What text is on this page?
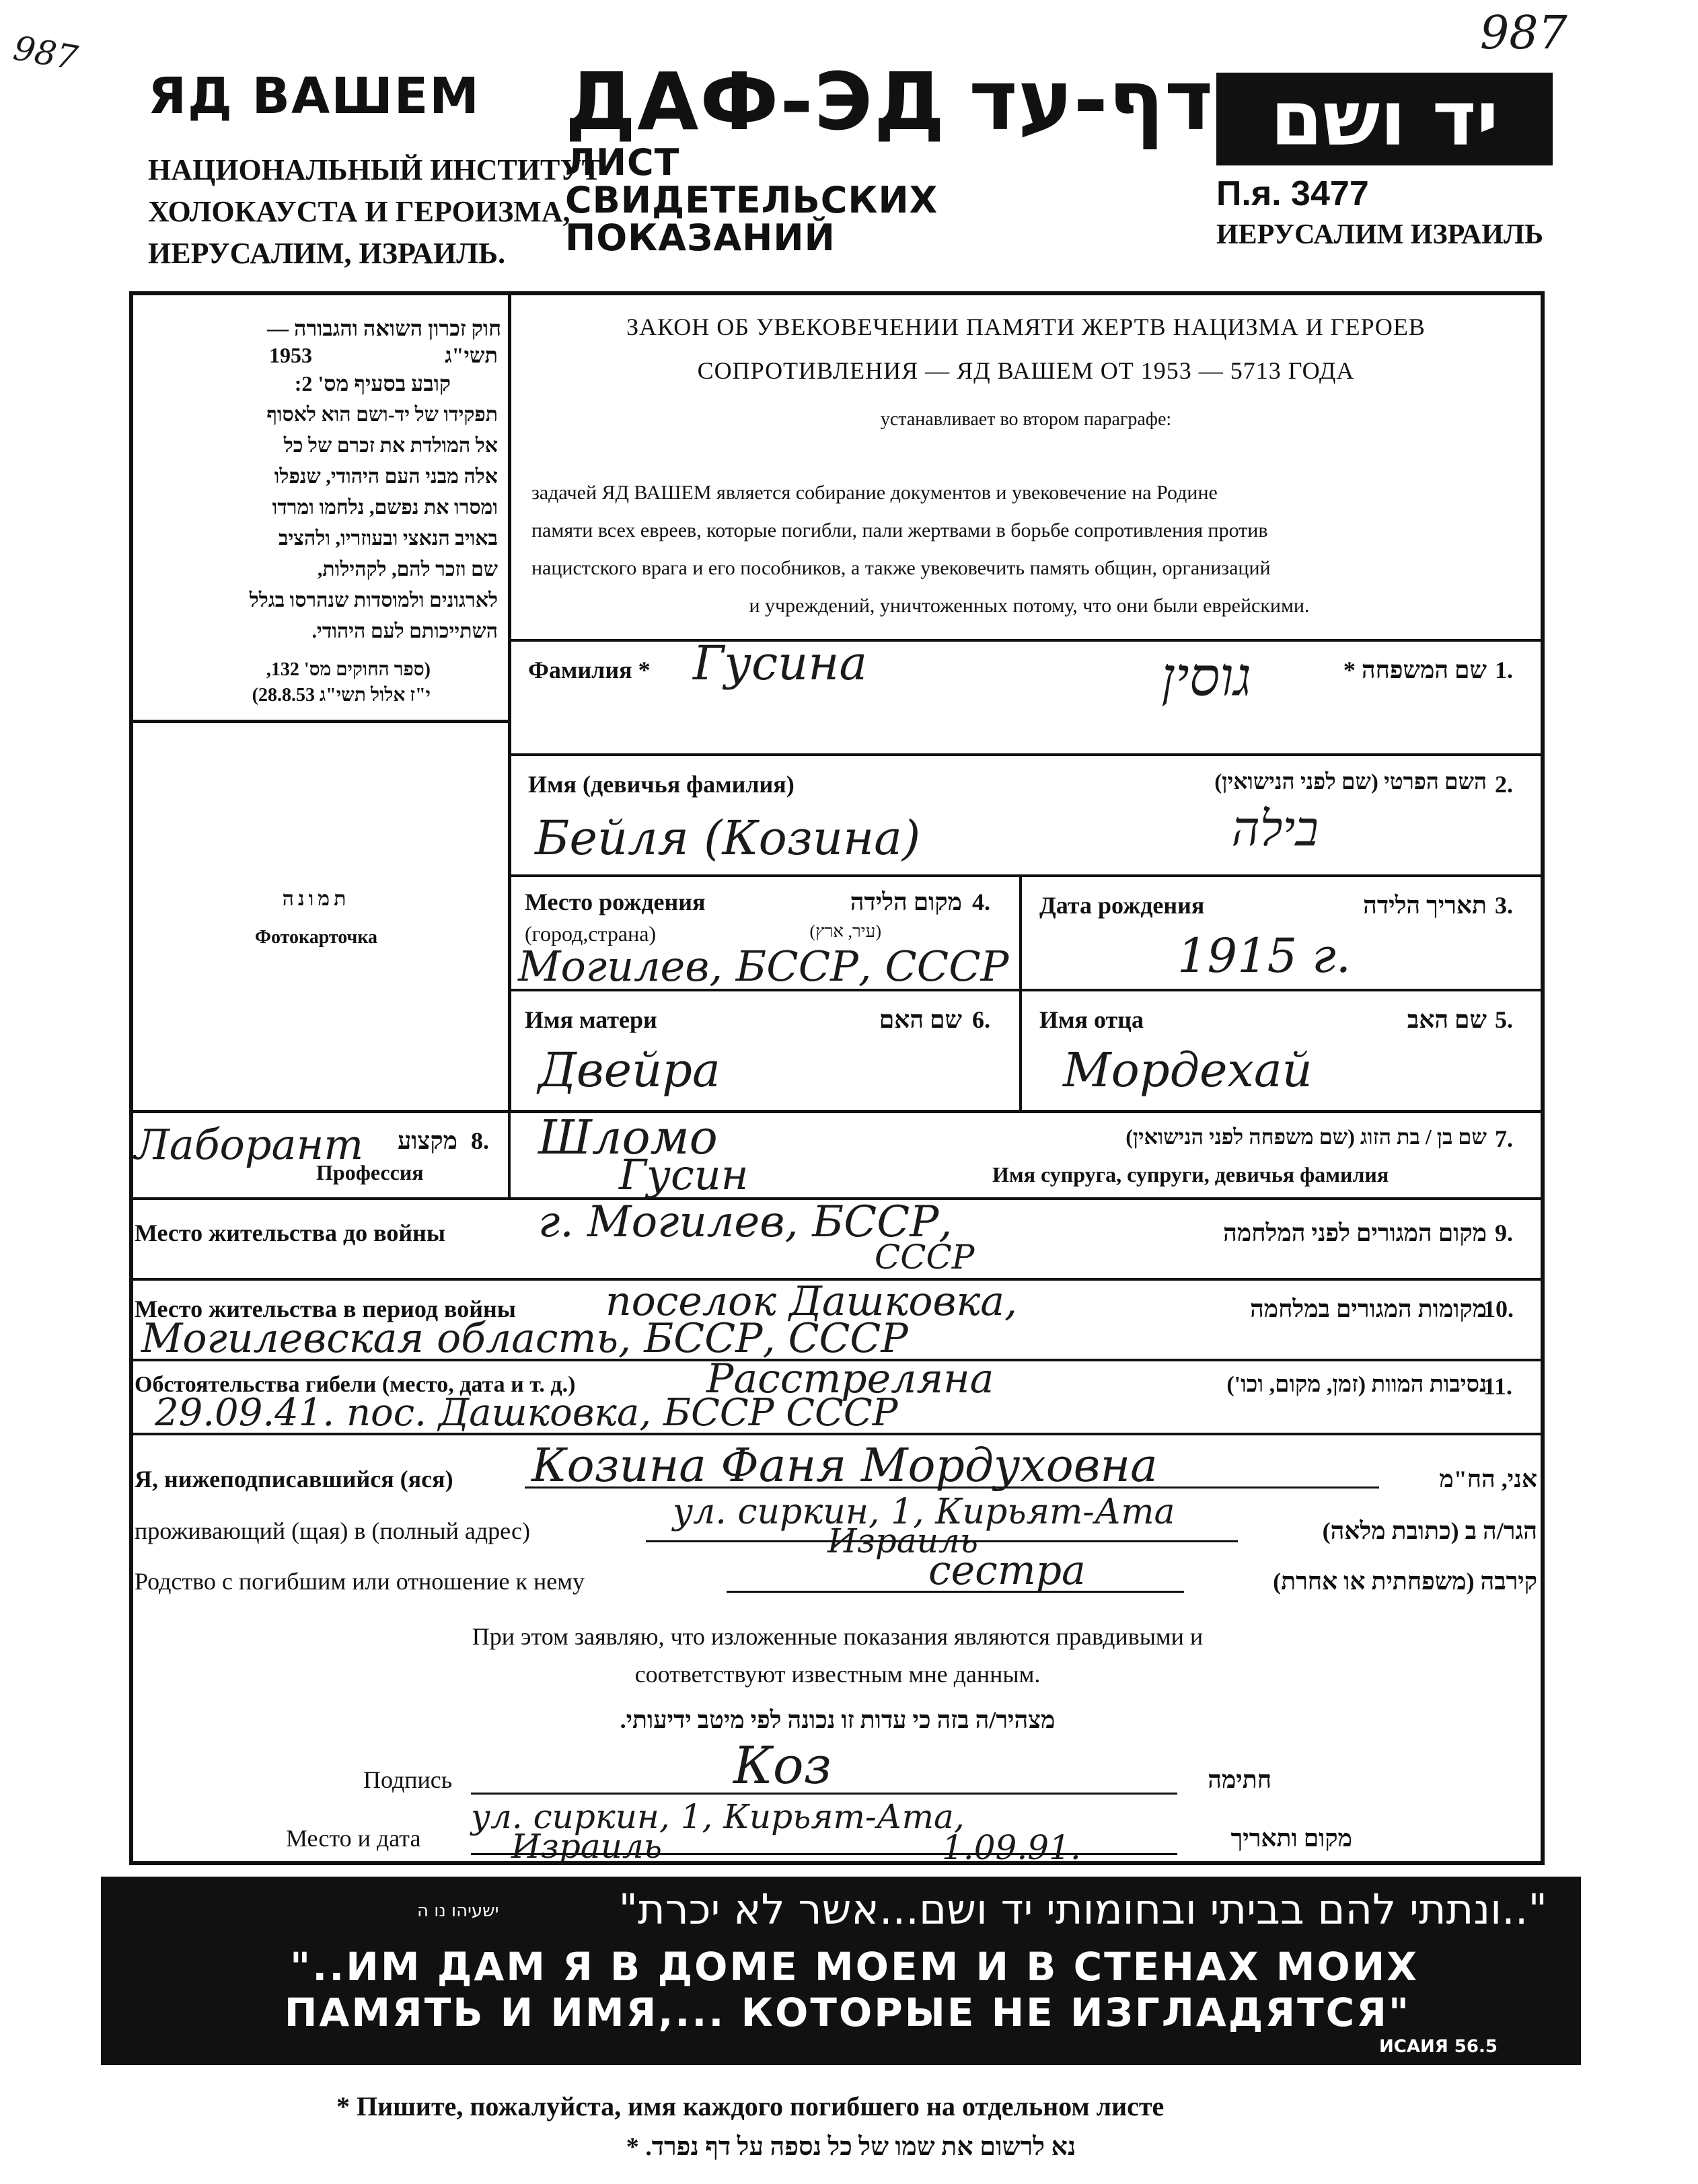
987	987
ЯД ВАШЕМ
НАЦИОНАЛЬНЫЙ ИНСТИТУТ
ХОЛОКАУСТА И ГЕРОИЗМА,
ИЕРУСАЛИМ, ИЗРАИЛЬ.
ДАФ-ЭД דף-עד
ЛИСТ
СВИДЕТЕЛЬСКИХ
ПОКАЗАНИЙ
יד ושם
П.я. 3477
ИЕРУСАЛИМ ИЗРАИЛЬ
חוק זכרון השואה והגבורה —
1953	תשי"ג
קובע בסעיף מס' 2:
תפקידו של יד-ושם הוא לאסוף
אל המולדת את זכרם של כל
אלה מבני העם היהודי, שנפלו
ומסרו את נפשם, נלחמו ומרדו
באויב הנאצי ובעוזריו, ולהציב
שם וזכר להם, לקהילות,
לארגונים ולמוסדות שנהרסו בגלל
השתייכותם לעם היהודי.
(ספר החוקים מס' 132,
י"ז אלול תשי"ג 28.8.53)
ЗАКОН ОБ УВЕКОВЕЧЕНИИ ПАМЯТИ ЖЕРТВ НАЦИЗМА И ГЕРОЕВ
СОПРОТИВЛЕНИЯ — ЯД ВАШЕМ ОТ 1953 — 5713 ГОДА
устанавливает во втором параграфе:
задачей ЯД ВАШЕМ является собирание документов и увековечение на Родине
памяти всех евреев, которые погибли, пали жертвами в борьбе сопротивления против
нацистского врага и его пособников, а также увековечить память общин, организаций
и учреждений, уничтоженных потому, что они были еврейскими.
תמונה
Фотокарточка
Фамилия * Гусина	גוסין	שם המשפחה * 1.
Имя (девичья фамилия)
Бейля (Козина)	בילה
השם הפרטי (שם לפני הנישואין) 2.
Место рождения
(город,страна)
מקום הלידה
(עיר, ארץ)
4.
Могилев, БССР, СССР
Дата рождения	תאריך הלידה 3.
1915 г.
Имя матери	שם האם 6.
Двейра
Имя отца	שם האב 5.
Мордехай
Лаборант	מקצוע 8.
Профессия
Шломо
Гусин
שם בן / בת הזוג (שם משפחה לפני הנישואין) 7.
Имя супруга, супруги, девичья фамилия
Место жительства до войны г. Могилев, БССР,
СССР
מקום המגורים לפני המלחמה 9.
Место жительства в период войны поселок Дашковка,
Могилевская область, БССР, СССР
מקומות המגורים במלחמה
10.
Обстоятельства гибели (место, дата и т. д.)	Расстреляна
29.09.41. пос. Дашковка, БССР СССР
נסיבות המוות (זמן, מקום, וכו')
11.
Я, нижеподписавшийся (яся) Козина Фаня Мордуховна	אני, הח"מ
проживающий (щая) в (полный адрес)	ул. сиркин, 1, Кирьят-Ата
Израиль	הגר/ה ב (כתובת מלאה)
Родство с погибшим или отношение к нему	сестра	קירבה (משפחתית או אחרת)
При этом заявляю, что изложенные показания являются правдивыми и
соответствуют известным мне данным.
מצהיר/ה בזה כי עדות זו נכונה לפי מיטב ידיעותי.
Подпись	Коз	חתימה
Место и дата
ул. сиркин, 1, Кирьят-Ата,
Израиль	1.09.91.	מקום ותאריך
ישעיהו נו ה	"..ונתתי להם בביתי ובחומותי יד ושם...אשר לא יכרת"
"..ИМ ДАМ Я В ДОМЕ МОЕМ И В СТЕНАХ МОИХ
ПАМЯТЬ И ИМЯ,... КОТОРЫЕ НЕ ИЗГЛАДЯТСЯ"
ИСАИЯ 56.5
* Пишите, пожалуйста, имя каждого погибшего на отдельном листе
נא לרשום את שמו של כל נספה על דף נפרד. *
